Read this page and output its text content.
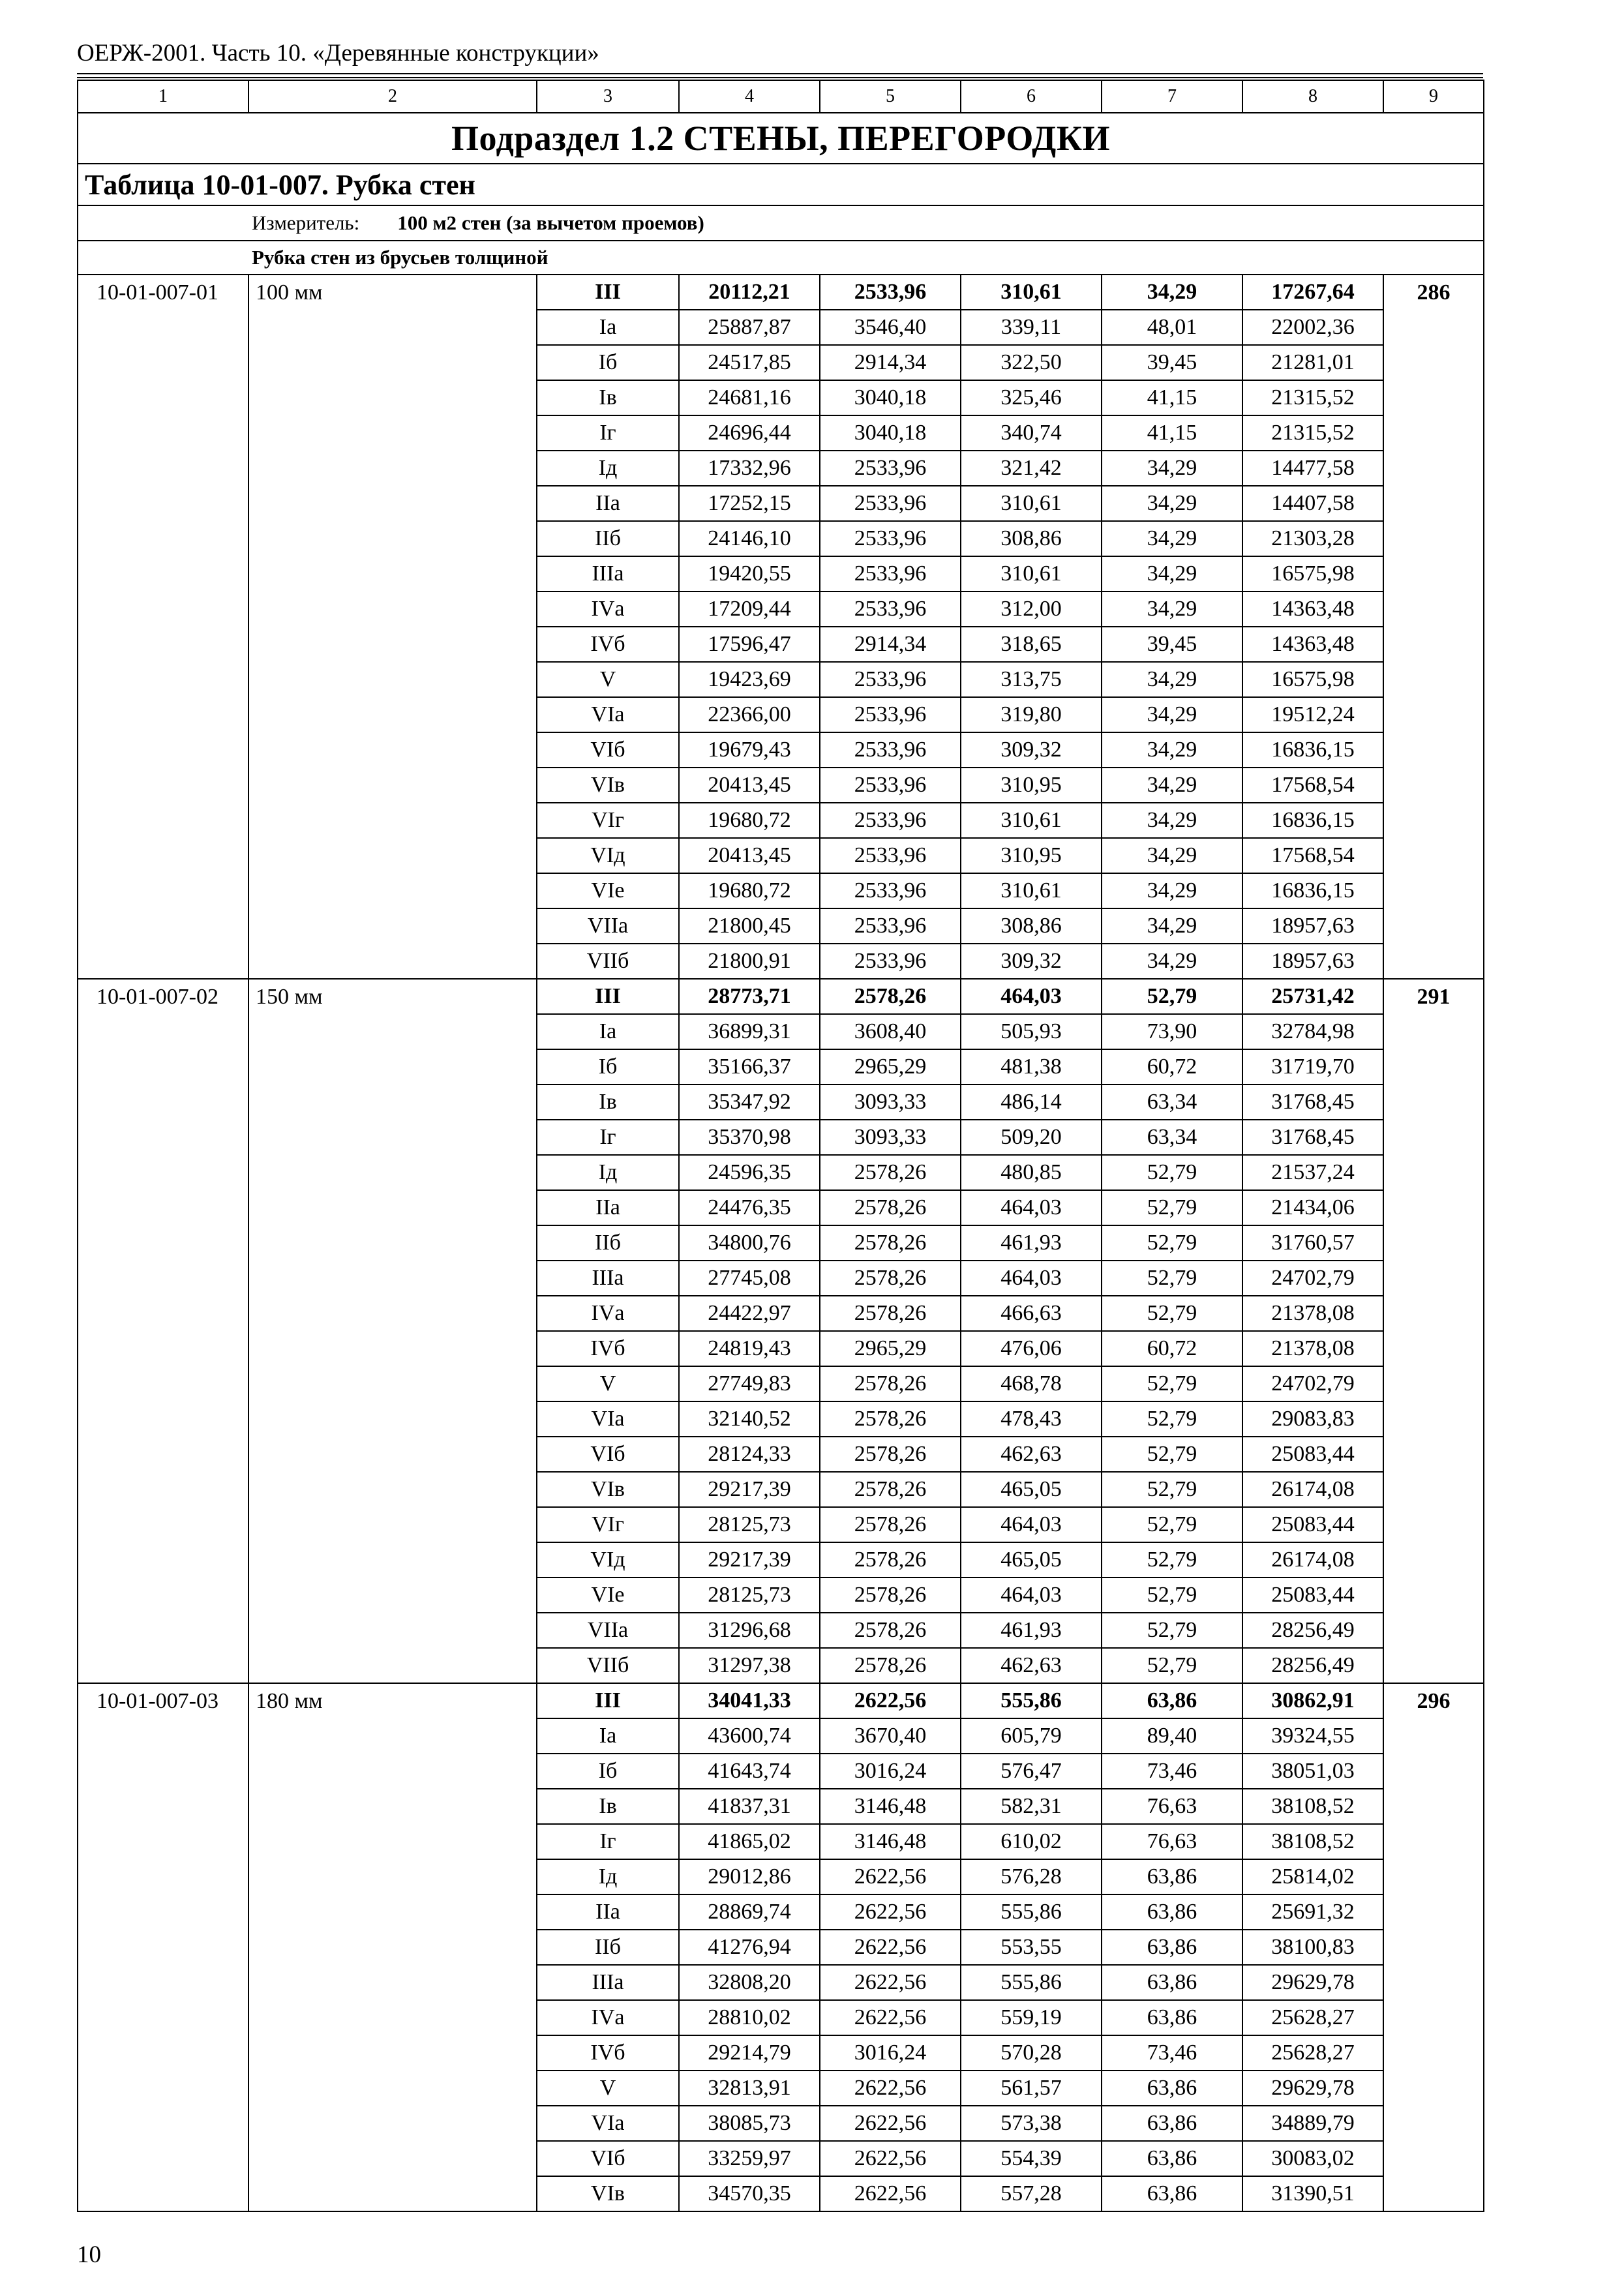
ОЕРЖ-2001. Часть 10. «Деревянные конструкции»
1	2	3	4	5	6	7	8	9
Подраздел 1.2 СТЕНЫ, ПЕРЕГОРОДКИ								
Таблица 10-01-007. Рубка стен								
Измеритель: 100 м2 стен (за вычетом проемов)								
Рубка стен из брусьев толщиной								
10-01-007-01	100 мм	III	20112,21	2533,96	310,61	34,29	17267,64	286
		Iа	25887,87	3546,40	339,11	48,01	22002,36	
		Iб	24517,85	2914,34	322,50	39,45	21281,01	
		Iв	24681,16	3040,18	325,46	41,15	21315,52	
		Iг	24696,44	3040,18	340,74	41,15	21315,52	
		Iд	17332,96	2533,96	321,42	34,29	14477,58	
		IIа	17252,15	2533,96	310,61	34,29	14407,58	
		IIб	24146,10	2533,96	308,86	34,29	21303,28	
		IIIа	19420,55	2533,96	310,61	34,29	16575,98	
		IVа	17209,44	2533,96	312,00	34,29	14363,48	
		IVб	17596,47	2914,34	318,65	39,45	14363,48	
		V	19423,69	2533,96	313,75	34,29	16575,98	
		VIа	22366,00	2533,96	319,80	34,29	19512,24	
		VIб	19679,43	2533,96	309,32	34,29	16836,15	
		VIв	20413,45	2533,96	310,95	34,29	17568,54	
		VIг	19680,72	2533,96	310,61	34,29	16836,15	
		VIд	20413,45	2533,96	310,95	34,29	17568,54	
		VIе	19680,72	2533,96	310,61	34,29	16836,15	
		VIIа	21800,45	2533,96	308,86	34,29	18957,63	
		VIIб	21800,91	2533,96	309,32	34,29	18957,63	
10-01-007-02	150 мм	III	28773,71	2578,26	464,03	52,79	25731,42	291
		Iа	36899,31	3608,40	505,93	73,90	32784,98	
		Iб	35166,37	2965,29	481,38	60,72	31719,70	
		Iв	35347,92	3093,33	486,14	63,34	31768,45	
		Iг	35370,98	3093,33	509,20	63,34	31768,45	
		Iд	24596,35	2578,26	480,85	52,79	21537,24	
		IIа	24476,35	2578,26	464,03	52,79	21434,06	
		IIб	34800,76	2578,26	461,93	52,79	31760,57	
		IIIа	27745,08	2578,26	464,03	52,79	24702,79	
		IVа	24422,97	2578,26	466,63	52,79	21378,08	
		IVб	24819,43	2965,29	476,06	60,72	21378,08	
		V	27749,83	2578,26	468,78	52,79	24702,79	
		VIа	32140,52	2578,26	478,43	52,79	29083,83	
		VIб	28124,33	2578,26	462,63	52,79	25083,44	
		VIв	29217,39	2578,26	465,05	52,79	26174,08	
		VIг	28125,73	2578,26	464,03	52,79	25083,44	
		VIд	29217,39	2578,26	465,05	52,79	26174,08	
		VIе	28125,73	2578,26	464,03	52,79	25083,44	
		VIIа	31296,68	2578,26	461,93	52,79	28256,49	
		VIIб	31297,38	2578,26	462,63	52,79	28256,49	
10-01-007-03	180 мм	III	34041,33	2622,56	555,86	63,86	30862,91	296
		Iа	43600,74	3670,40	605,79	89,40	39324,55	
		Iб	41643,74	3016,24	576,47	73,46	38051,03	
		Iв	41837,31	3146,48	582,31	76,63	38108,52	
		Iг	41865,02	3146,48	610,02	76,63	38108,52	
		Iд	29012,86	2622,56	576,28	63,86	25814,02	
		IIа	28869,74	2622,56	555,86	63,86	25691,32	
		IIб	41276,94	2622,56	553,55	63,86	38100,83	
		IIIа	32808,20	2622,56	555,86	63,86	29629,78	
		IVа	28810,02	2622,56	559,19	63,86	25628,27	
		IVб	29214,79	3016,24	570,28	73,46	25628,27	
		V	32813,91	2622,56	561,57	63,86	29629,78	
		VIа	38085,73	2622,56	573,38	63,86	34889,79	
		VIб	33259,97	2622,56	554,39	63,86	30083,02	
		VIв	34570,35	2622,56	557,28	63,86	31390,51	
10
